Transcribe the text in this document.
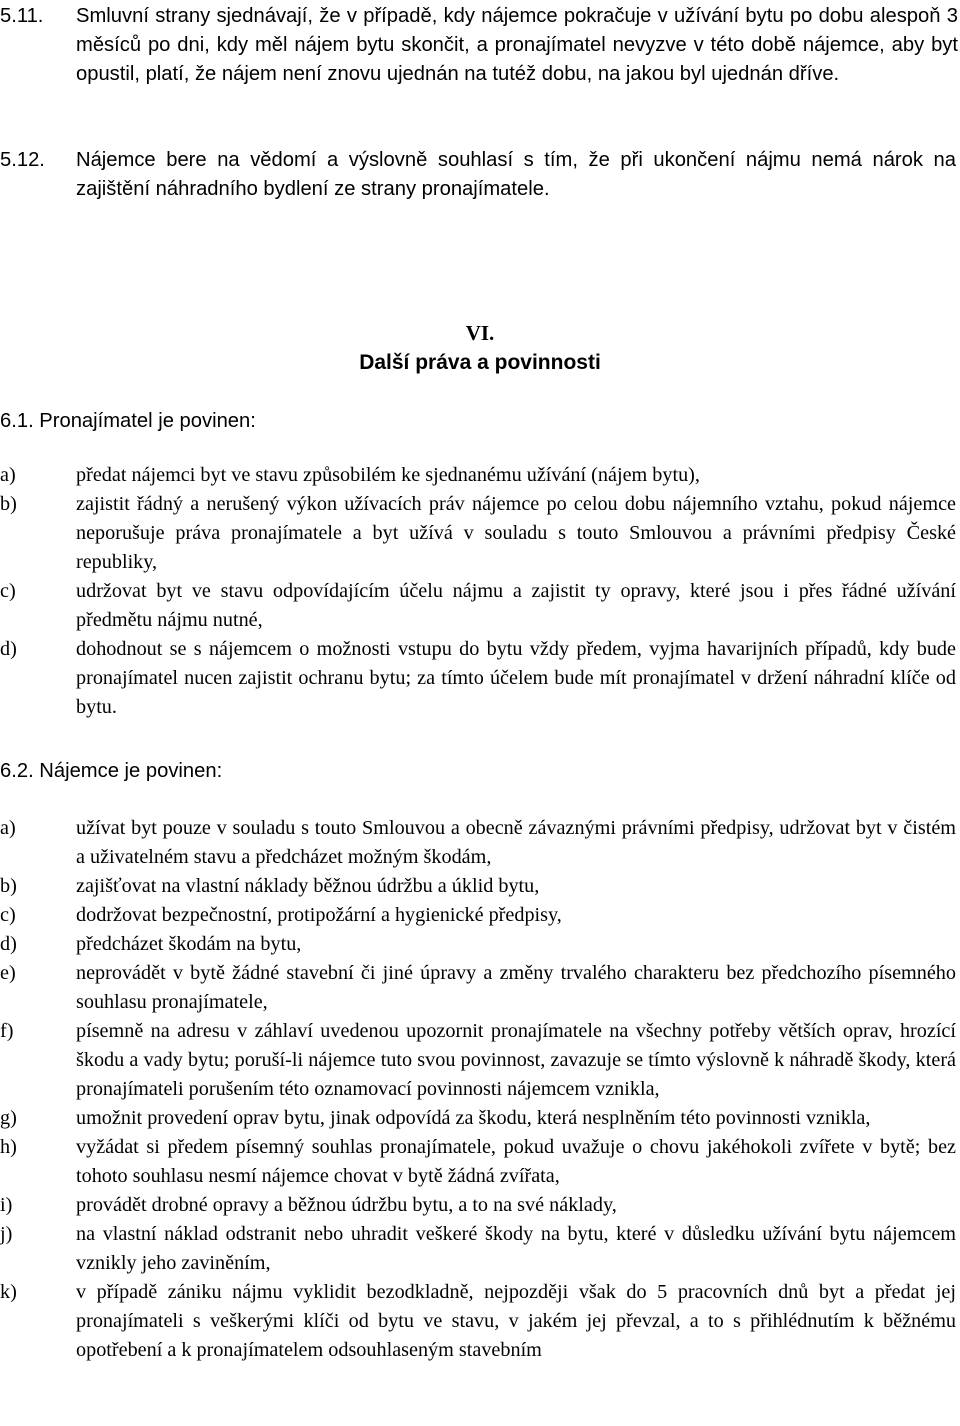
5.11. Smluvní strany sjednávají, že v případě, kdy nájemce pokračuje v užívání bytu po dobu alespoň 3 měsíců po dni, kdy měl nájem bytu skončit, a pronajímatel nevyzve v této době nájemce, aby byt opustil, platí, že nájem není znovu ujednán na tutéž dobu, na jakou byl ujednán dříve.
5.12. Nájemce bere na vědomí a výslovně souhlasí s tím, že při ukončení nájmu nemá nárok na zajištění náhradního bydlení ze strany pronajímatele.
VI.
Další práva a povinnosti
6.1. Pronajímatel je povinen:
a)	předat nájemci byt ve stavu způsobilém ke sjednanému užívání (nájem bytu),
b)	zajistit řádný a nerušený výkon užívacích práv nájemce po celou dobu nájemního vztahu, pokud nájemce neporušuje práva pronajímatele a byt užívá v souladu s touto Smlouvou a právními předpisy České republiky,
c)	udržovat byt ve stavu odpovídajícím účelu nájmu a zajistit ty opravy, které jsou i přes řádné užívání předmětu nájmu nutné,
d)	dohodnout se s nájemcem o možnosti vstupu do bytu vždy předem, vyjma havarijních případů, kdy bude pronajímatel nucen zajistit ochranu bytu; za tímto účelem bude mít pronajímatel v držení náhradní klíče od bytu.
6.2. Nájemce je povinen:
a)	užívat byt pouze v souladu s touto Smlouvou a obecně závaznými právními předpisy, udržovat byt v čistém a uživatelném stavu a předcházet možným škodám,
b)	zajišťovat na vlastní náklady běžnou údržbu a úklid bytu,
c)	dodržovat bezpečnostní, protipožární a hygienické předpisy,
d)	předcházet škodám na bytu,
e)	neprovádět v bytě žádné stavební či jiné úpravy a změny trvalého charakteru bez předchozího písemného souhlasu pronajímatele,
f)	písemně na adresu v záhlaví uvedenou upozornit pronajímatele na všechny potřeby větších oprav, hrozící škodu a vady bytu; poruší-li nájemce tuto svou povinnost, zavazuje se tímto výslovně k náhradě škody, která pronajímateli porušením této oznamovací povinnosti nájemcem vznikla,
g)	umožnit provedení oprav bytu, jinak odpovídá za škodu, která nesplněním této povinnosti vznikla,
h)	vyžádat si předem písemný souhlas pronajímatele, pokud uvažuje o chovu jakéhokoli zvířete v bytě; bez tohoto souhlasu nesmí nájemce chovat v bytě žádná zvířata,
i)	provádět drobné opravy a běžnou údržbu bytu, a to na své náklady,
j)	na vlastní náklad odstranit nebo uhradit veškeré škody na bytu, které v důsledku užívání bytu nájemcem vznikly jeho zaviněním,
k)	v případě zániku nájmu vyklidit bezodkladně, nejpozději však do 5 pracovních dnů byt a předat jej pronajímateli s veškerými klíči od bytu ve stavu, v jakém jej převzal, a to s přihlédnutím k běžnému opotřebení a k pronajímatelem odsouhlaseným stavebním
